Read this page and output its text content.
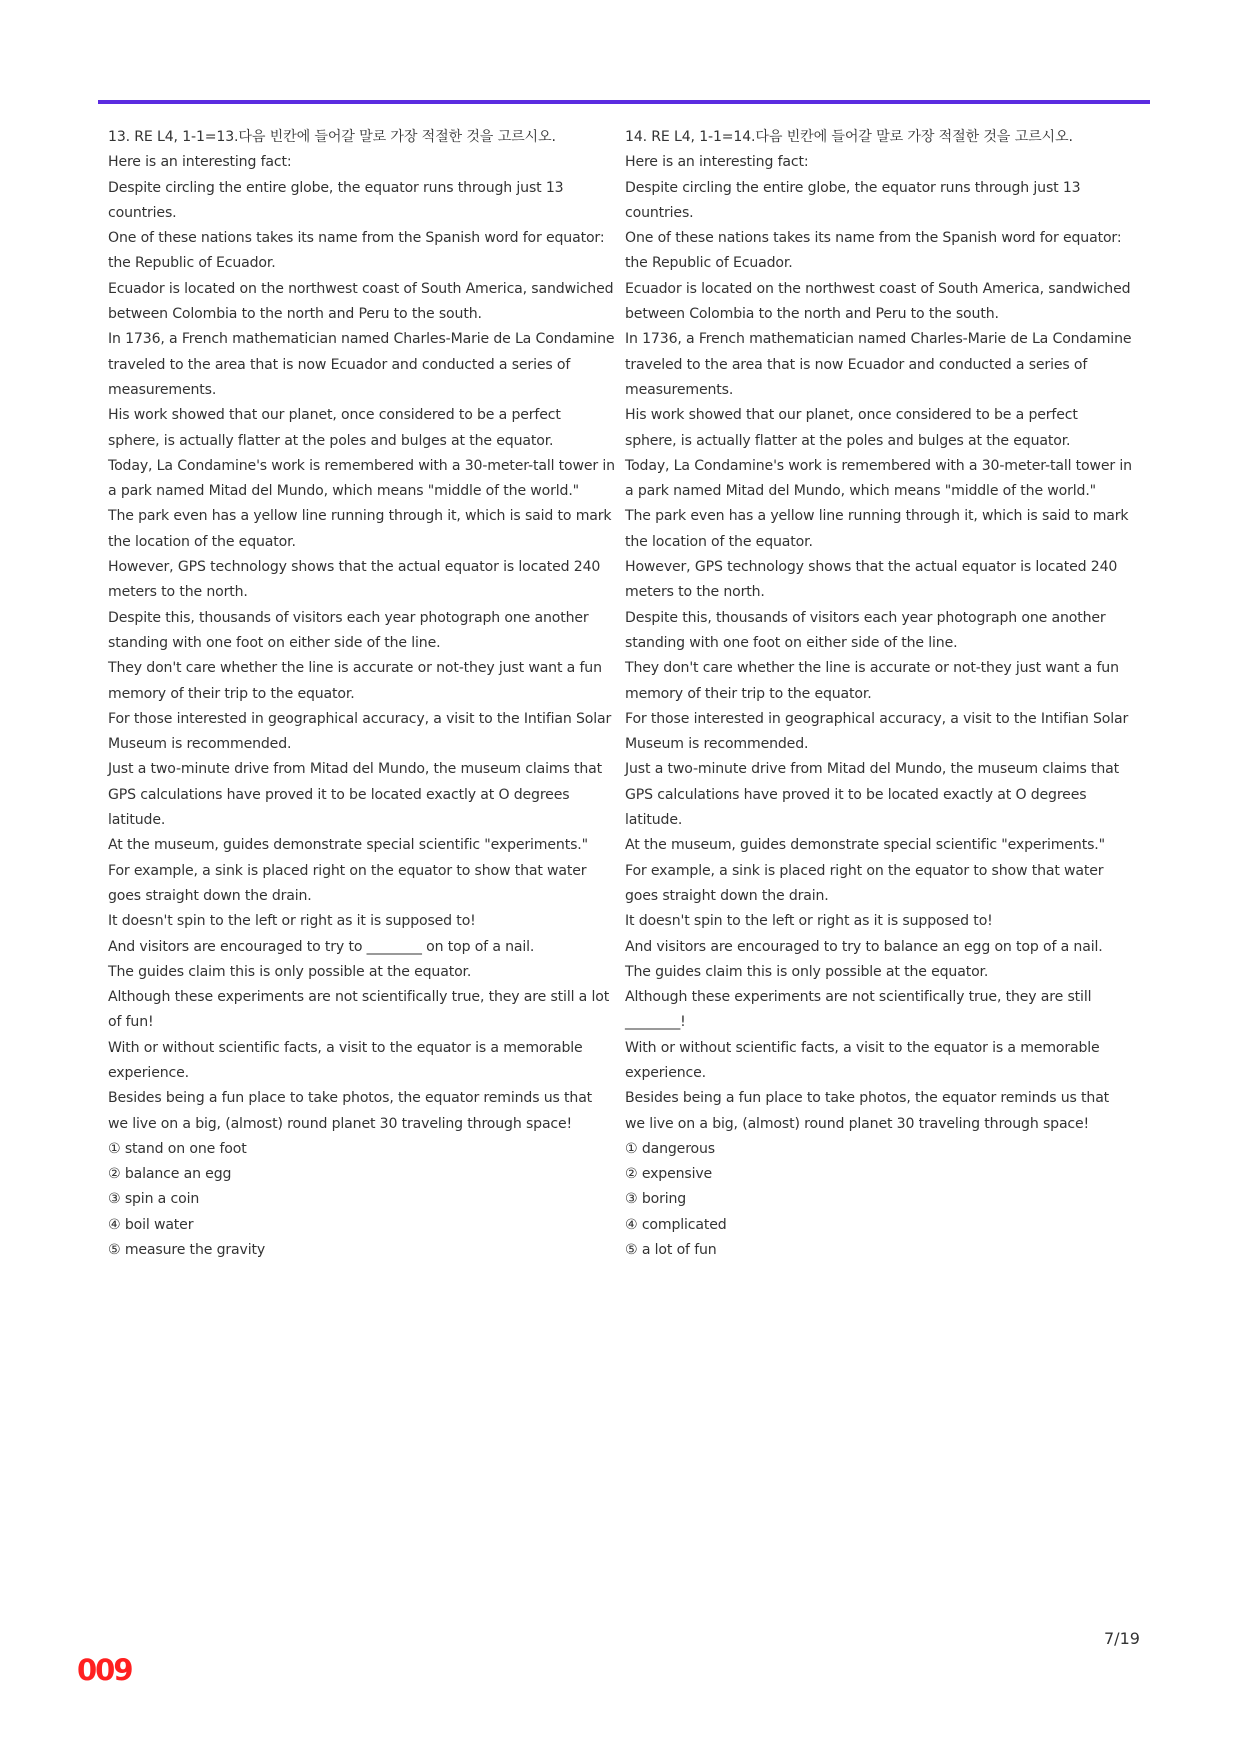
13. RE L4, 1-1=13.다음 빈칸에 들어갈 말로 가장 적절한 것을 고르시오.

Here is an interesting fact:

Despite circling the entire globe, the equator runs through just 13 countries.

One of these nations takes its name from the Spanish word for equator: the Republic of Ecuador.

Ecuador is located on the northwest coast of South America, sandwiched between Colombia to the north and Peru to the south.

In 1736, a French mathematician named Charles-Marie de La Condamine traveled to the area that is now Ecuador and conducted a series of measurements.

His work showed that our planet, once considered to be a perfect sphere, is actually flatter at the poles and bulges at the equator.

Today, La Condamine's work is remembered with a 30-meter-tall tower in a park named Mitad del Mundo, which means "middle of the world."

The park even has a yellow line running through it, which is said to mark the location of the equator.

However, GPS technology shows that the actual equator is located 240 meters to the north.

Despite this, thousands of visitors each year photograph one another standing with one foot on either side of the line.

They don't care whether the line is accurate or not-they just want a fun memory of their trip to the equator.

For those interested in geographical accuracy, a visit to the Intifian Solar Museum is recommended.

Just a two-minute drive from Mitad del Mundo, the museum claims that GPS calculations have proved it to be located exactly at O degrees latitude.

At the museum, guides demonstrate special scientific "experiments."

For example, a sink is placed right on the equator to show that water goes straight down the drain.

It doesn't spin to the left or right as it is supposed to!

And visitors are encouraged to try to ________ on top of a nail.

The guides claim this is only possible at the equator.

Although these experiments are not scientifically true, they are still a lot of fun!

With or without scientific facts, a visit to the equator is a memorable experience.

Besides being a fun place to take photos, the equator reminds us that we live on a big, (almost) round planet 30 traveling through space!

① stand on one foot
② balance an egg
③ spin a coin
④ boil water
⑤ measure the gravity

14. RE L4, 1-1=14.다음 빈칸에 들어갈 말로 가장 적절한 것을 고르시오.

Here is an interesting fact:

Despite circling the entire globe, the equator runs through just 13 countries.

One of these nations takes its name from the Spanish word for equator: the Republic of Ecuador.

Ecuador is located on the northwest coast of South America, sandwiched between Colombia to the north and Peru to the south.

In 1736, a French mathematician named Charles-Marie de La Condamine traveled to the area that is now Ecuador and conducted a series of measurements.

His work showed that our planet, once considered to be a perfect sphere, is actually flatter at the poles and bulges at the equator.

Today, La Condamine's work is remembered with a 30-meter-tall tower in a park named Mitad del Mundo, which means "middle of the world."

The park even has a yellow line running through it, which is said to mark the location of the equator.

However, GPS technology shows that the actual equator is located 240 meters to the north.

Despite this, thousands of visitors each year photograph one another standing with one foot on either side of the line.

They don't care whether the line is accurate or not-they just want a fun memory of their trip to the equator.

For those interested in geographical accuracy, a visit to the Intifian Solar Museum is recommended.

Just a two-minute drive from Mitad del Mundo, the museum claims that GPS calculations have proved it to be located exactly at O degrees latitude.

At the museum, guides demonstrate special scientific "experiments."

For example, a sink is placed right on the equator to show that water goes straight down the drain.

It doesn't spin to the left or right as it is supposed to!

And visitors are encouraged to try to balance an egg on top of a nail.

The guides claim this is only possible at the equator.

Although these experiments are not scientifically true, they are still ________!

With or without scientific facts, a visit to the equator is a memorable experience.

Besides being a fun place to take photos, the equator reminds us that we live on a big, (almost) round planet 30 traveling through space!

① dangerous
② expensive
③ boring
④ complicated
⑤ a lot of fun
7/19
009
